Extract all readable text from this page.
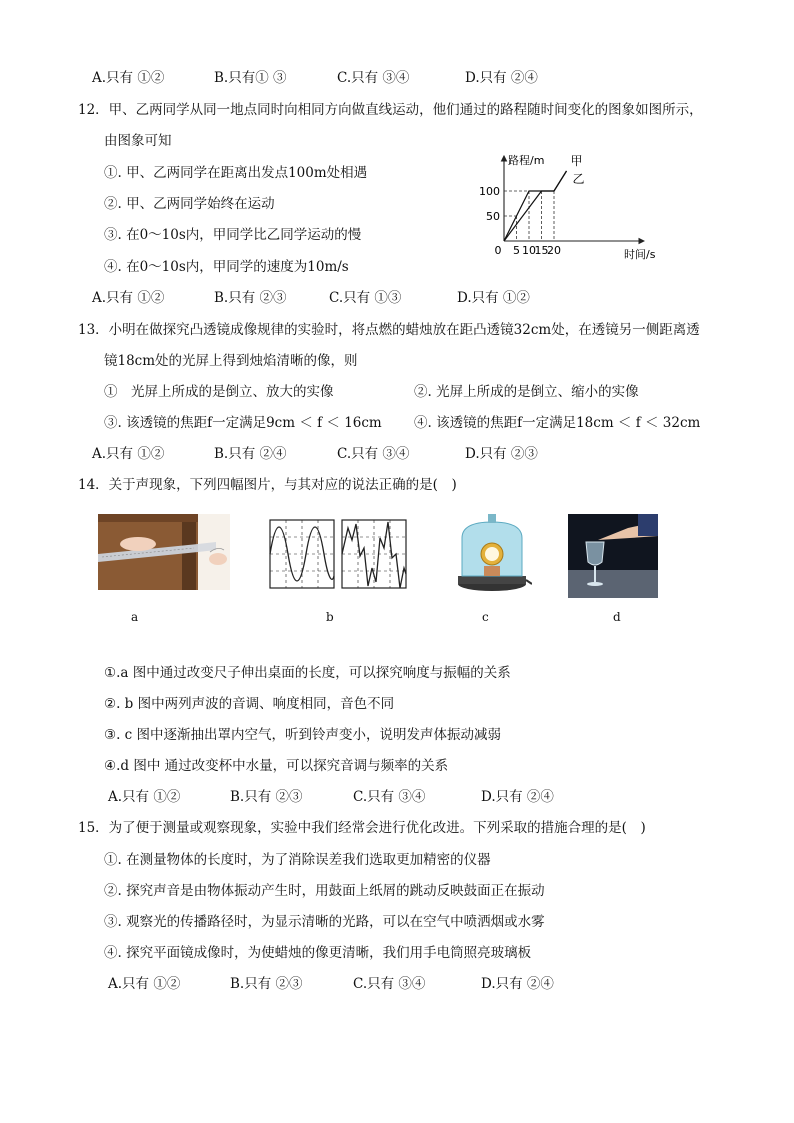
A.只有 ①②	B.只有① ③	C.只有 ③④	D.只有 ②④
12．甲、乙两同学从同一地点同时向相同方向做直线运动，他们通过的路程随时间变化的图象如图所示，
由图象可知
①. 甲、乙两同学在距离出发点100m处相遇
②. 甲、乙两同学始终在运动
③. 在0～10s内，甲同学比乙同学运动的慢
④. 在0～10s内，甲同学的速度为10m/s
路程/m
时间/s
50
100
0 5 10
15
20
甲
乙
A.只有 ①②	B.只有 ②③	C.只有 ①③	D.只有 ①②
13．小明在做探究凸透镜成像规律的实验时，将点燃的蜡烛放在距凸透镜32cm处，在透镜另一侧距离透
镜18cm处的光屏上得到烛焰清晰的像，则
①　光屏上所成的是倒立、放大的实像	②. 光屏上所成的是倒立、缩小的实像
③. 该透镜的焦距f一定满足9cm ＜ f ＜ 16cm ④. 该透镜的焦距f一定满足18cm ＜ f ＜ 32cm
A.只有 ①②	B.只有 ②④	C.只有 ③④	D.只有 ②③
14．关于声现象，下列四幅图片，与其对应的说法正确的是(　)
a	b	c	d
①.a 图中通过改变尺子伸出桌面的长度，可以探究响度与振幅的关系
②. b 图中两列声波的音调、响度相同，音色不同
③. c 图中逐渐抽出罩内空气，听到铃声变小，说明发声体振动减弱
④.d 图中 通过改变杯中水量，可以探究音调与频率的关系
A.只有 ①②	B.只有 ②③	C.只有 ③④	D.只有 ②④
15．为了便于测量或观察现象，实验中我们经常会进行优化改进。下列采取的措施合理的是(　)
①. 在测量物体的长度时，为了消除误差我们选取更加精密的仪器
②. 探究声音是由物体振动产生时，用鼓面上纸屑的跳动反映鼓面正在振动
③. 观察光的传播路径时，为显示清晰的光路，可以在空气中喷洒烟或水雾
④. 探究平面镜成像时，为使蜡烛的像更清晰，我们用手电筒照亮玻璃板
A.只有 ①②	B.只有 ②③	C.只有 ③④	D.只有 ②④
